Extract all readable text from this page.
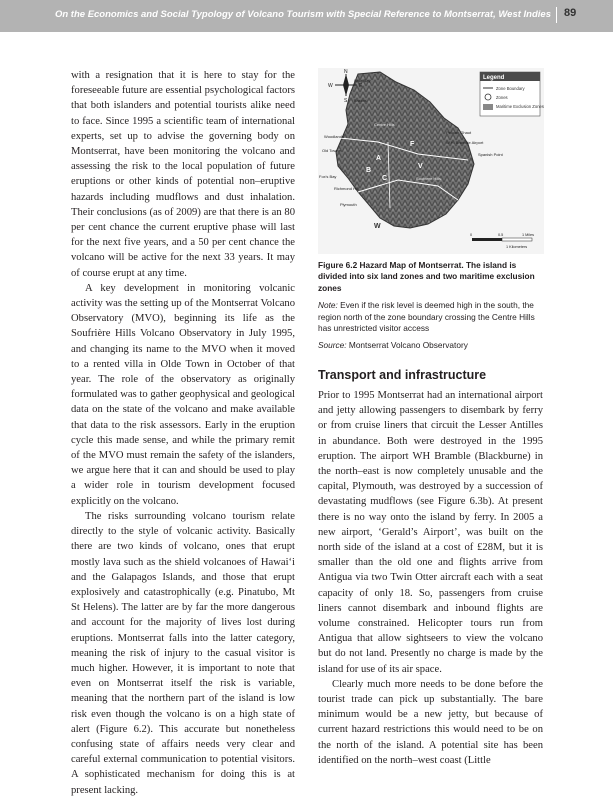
On the Economics and Social Typology of Volcano Tourism with Special Reference to Montserrat, West Indies 89

with a resignation that it is here to stay for the foreseeable future are essential psychological factors that both islanders and potential tourists alike need to face. Since 1995 a scientific team of international experts, set up to advise the governing body on Montserrat, have been monitoring the volcano and assessing the risk to the local population of future eruptions or other kinds of potential non–eruptive hazards including mudflows and dust inhalation. Their conclusions (as of 2009) are that there is an 80 per cent chance the current eruptive phase will last for the next five years, and a 50 per cent chance the volcano will be active for the next 33 years. It may of course erupt at any time.

A key development in monitoring volcanic activity was the setting up of the Montserrat Volcano Observatory (MVO), beginning its life as the Soufrière Hills Volcano Observatory in July 1995, and changing its name to the MVO when it moved to a rented villa in Olde Town in October of that year. The role of the observatory as originally formulated was to gather geophysical and geological data on the state of the volcano and make available that data to the risk assessors. Early in the eruption cycle this made sense, and while the primary remit of the MVO must remain the safety of the islanders, we argue here that it can and should be used to play a wider role in tourism development focused explicitly on the volcano.

The risks surrounding volcano tourism relate directly to the style of volcanic activity. Basically there are two kinds of volcano, ones that erupt mostly lava such as the shield volcanoes of Hawai‘i and the Galapagos Islands, and those that erupt explosively and catastrophically (e.g. Pinatubo, Mt St Helens). The latter are by far the more dangerous and account for the majority of lives lost during eruptions. Montserrat falls into the latter category, meaning the risk of injury to the casual visitor is much higher. However, it is important to note that even on Montserrat itself the risk is variable, meaning that the northern part of the island is low risk even though the volcano is on a high state of alert (Figure 6.2). This accurate but nonetheless confusing state of affairs needs very clear and careful external communication to potential visitors. A sophisticated mechanism for doing this is at present lacking.

N
E
W
S
Legend
Zone Boundary
Zones
Maritime Exclusion Zones
Little Bay
Brades
Woodlands
Old Towne
Fox's Bay
Richmond Hill
Plymouth
Pelican Ghaut
W.H. Bramble Airport
Spanish Point
Centre Hills
Soufriere Hills
A
B
C
F
V
W
0	0.5	1 Miles
1 Kilometers
Figure 6.2 Hazard Map of Montserrat. The island is divided into six land zones and two maritime exclusion zones
Note: Even if the risk level is deemed high in the south, the region north of the zone boundary crossing the Centre Hills has unrestricted visitor access
Source: Montserrat Volcano Observatory
Transport and infrastructure

Prior to 1995 Montserrat had an international airport and jetty allowing passengers to disembark by ferry or from cruise liners that circuit the Lesser Antilles in abundance. Both were destroyed in the 1995 eruption. The airport WH Bramble (Blackburne) in the north–east is now completely unusable and the capital, Plymouth, was destroyed by a succession of devastating mudflows (see Figure 6.3b). At present there is no way onto the island by ferry. In 2005 a new airport, ‘Gerald’s Airport’, was built on the north side of the island at a cost of £28M, but it is smaller than the old one and flights arrive from Antigua via two Twin Otter aircraft each with a seat capacity of only 18. So, passengers from cruise liners cannot disembark and inbound flights are volume constrained. Helicopter tours run from Antigua that allow sightseers to view the volcano but do not land. Presently no charge is made by the island for use of its air space.

Clearly much more needs to be done before the tourist trade can pick up substantially. The bare minimum would be a new jetty, but because of current hazard restrictions this would need to be on the north of the island. A potential site has been identified on the north–west coast (Little
